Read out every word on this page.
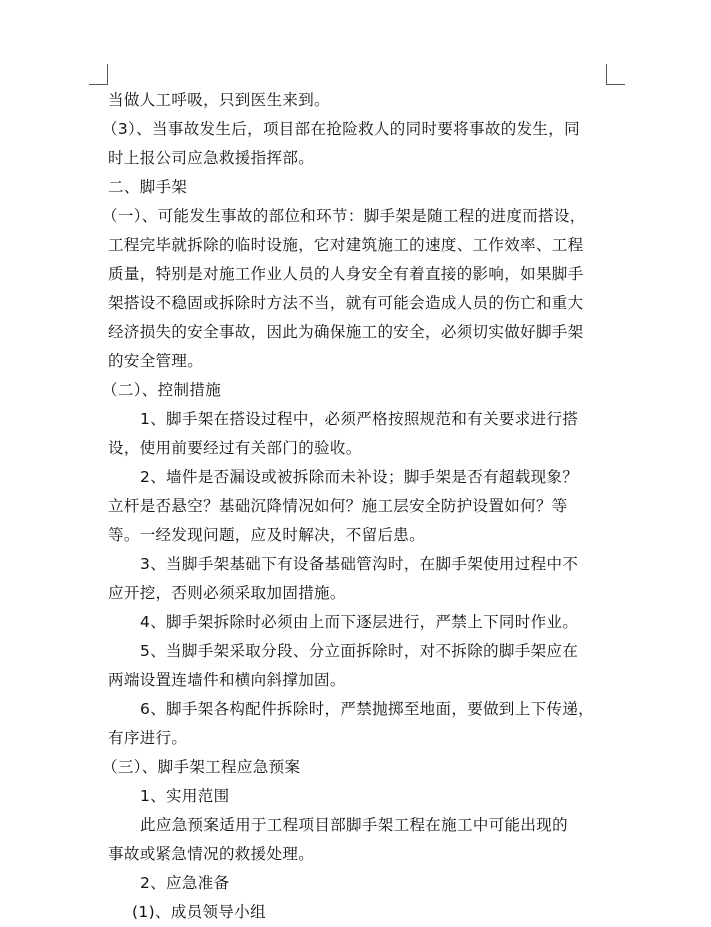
当做人工呼吸，只到医生来到。
（3）、当事故发生后，项目部在抢险救人的同时要将事故的发生，同
时上报公司应急救援指挥部。
二、脚手架
（一）、可能发生事故的部位和环节：脚手架是随工程的进度而搭设，
工程完毕就拆除的临时设施，它对建筑施工的速度、工作效率、工程
质量，特别是对施工作业人员的人身安全有着直接的影响，如果脚手
架搭设不稳固或拆除时方法不当，就有可能会造成人员的伤亡和重大
经济损失的安全事故，因此为确保施工的安全，必须切实做好脚手架
的安全管理。
（二）、控制措施
1、脚手架在搭设过程中，必须严格按照规范和有关要求进行搭
设，使用前要经过有关部门的验收。
2、墙件是否漏设或被拆除而未补设；脚手架是否有超载现象？
立杆是否悬空？基础沉降情况如何？施工层安全防护设置如何？等
等。一经发现问题，应及时解决，不留后患。
3、当脚手架基础下有设备基础管沟时，在脚手架使用过程中不
应开挖，否则必须采取加固措施。
4、脚手架拆除时必须由上而下逐层进行，严禁上下同时作业。
5、当脚手架采取分段、分立面拆除时，对不拆除的脚手架应在
两端设置连墙件和横向斜撑加固。
6、脚手架各构配件拆除时，严禁抛掷至地面，要做到上下传递，
有序进行。
（三）、脚手架工程应急预案
1、实用范围
此应急预案适用于工程项目部脚手架工程在施工中可能出现的
事故或紧急情况的救援处理。
2、应急准备
(1)、成员领导小组
